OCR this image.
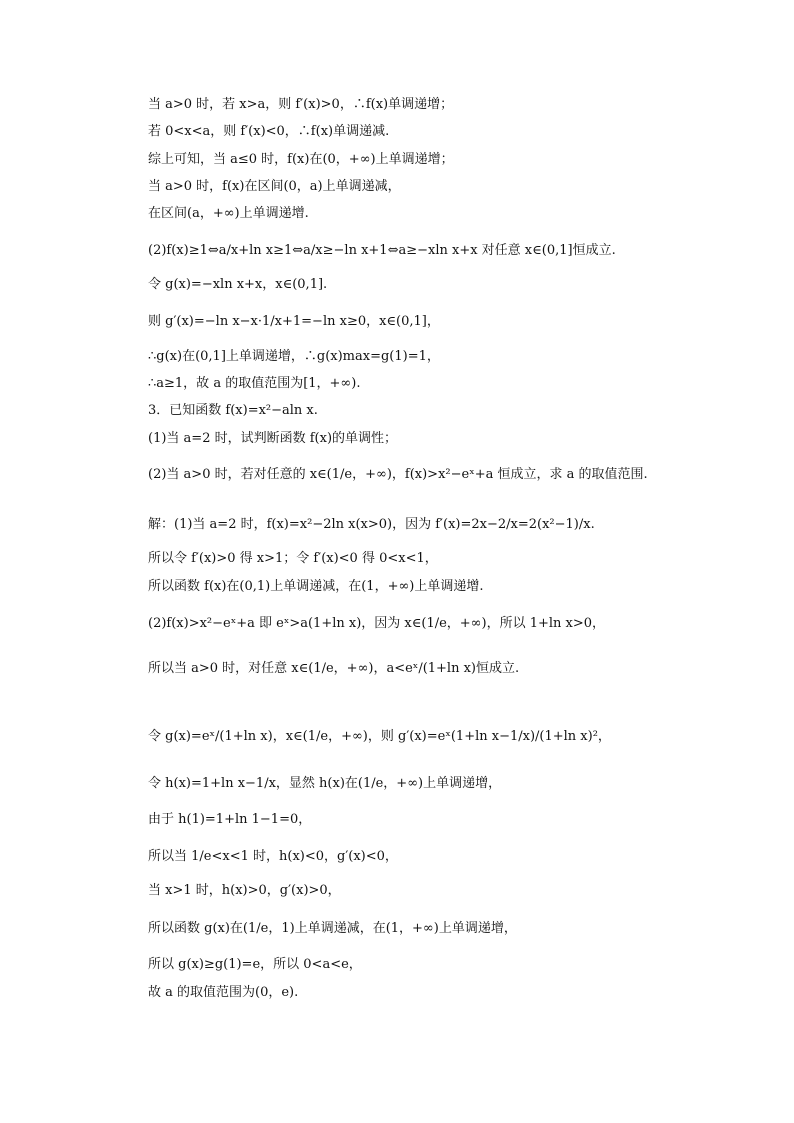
当 a>0 时，若 x>a，则 f′(x)>0，∴f(x)单调递增；
若 0<x<a，则 f′(x)<0，∴f(x)单调递减.
综上可知，当 a≤0 时，f(x)在(0，+∞)上单调递增；
当 a>0 时，f(x)在区间(0，a)上单调递减，
在区间(a，+∞)上单调递增.
(2)f(x)≥1⇔a/x+ln x≥1⇔a/x≥−ln x+1⇔a≥−xln x+x 对任意 x∈(0,1]恒成立.
令 g(x)=−xln x+x，x∈(0,1].
则 g′(x)=−ln x−x·1/x+1=−ln x≥0，x∈(0,1]，
∴g(x)在(0,1]上单调递增，∴g(x)max=g(1)=1，
∴a≥1，故 a 的取值范围为[1，+∞).
3．已知函数 f(x)=x²−aln x.
(1)当 a=2 时，试判断函数 f(x)的单调性；
(2)当 a>0 时，若对任意的 x∈(1/e，+∞)，f(x)>x²−eˣ+a 恒成立，求 a 的取值范围.
解：(1)当 a=2 时，f(x)=x²−2ln x(x>0)，因为 f′(x)=2x−2/x=2(x²−1)/x.
所以令 f′(x)>0 得 x>1；令 f′(x)<0 得 0<x<1，
所以函数 f(x)在(0,1)上单调递减，在(1，+∞)上单调递增.
(2)f(x)>x²−eˣ+a 即 eˣ>a(1+ln x)，因为 x∈(1/e，+∞)，所以 1+ln x>0，
所以当 a>0 时，对任意 x∈(1/e，+∞)，a<eˣ/(1+ln x)恒成立.
令 g(x)=eˣ/(1+ln x)，x∈(1/e，+∞)，则 g′(x)=eˣ(1+ln x−1/x)/(1+ln x)²，
令 h(x)=1+ln x−1/x，显然 h(x)在(1/e，+∞)上单调递增，
由于 h(1)=1+ln 1−1=0，
所以当 1/e<x<1 时，h(x)<0，g′(x)<0，
当 x>1 时，h(x)>0，g′(x)>0，
所以函数 g(x)在(1/e，1)上单调递减，在(1，+∞)上单调递增，
所以 g(x)≥g(1)=e，所以 0<a<e，
故 a 的取值范围为(0，e).
